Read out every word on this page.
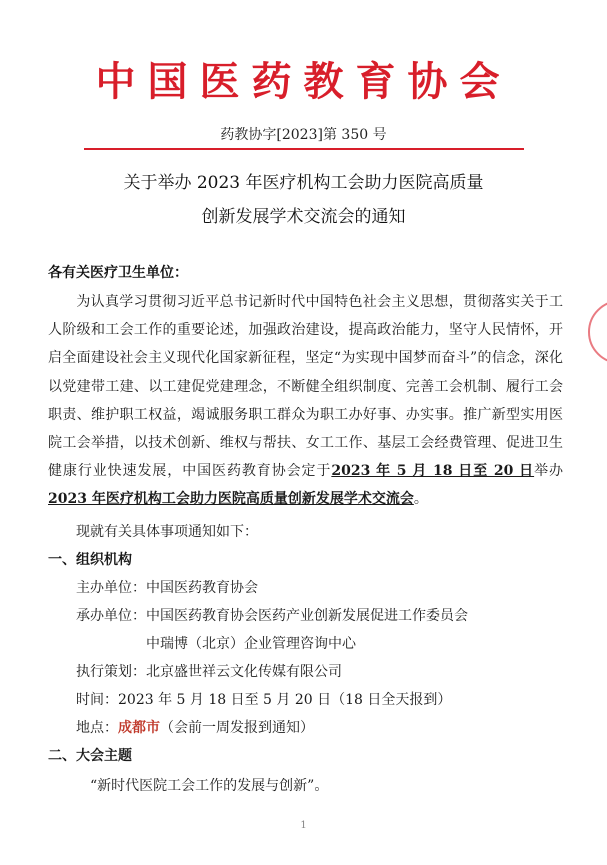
中国医药教育协会
药教协字[2023]第 350 号
关于举办 2023 年医疗机构工会助力医院高质量
创新发展学术交流会的通知
各有关医疗卫生单位：
为认真学习贯彻习近平总书记新时代中国特色社会主义思想，贯彻落实关于工人阶级和工会工作的重要论述，加强政治建设，提高政治能力，坚守人民情怀，开启全面建设社会主义现代化国家新征程，坚定“为实现中国梦而奋斗”的信念，深化以党建带工建、以工建促党建理念，不断健全组织制度、完善工会机制、履行工会职责、维护职工权益，竭诚服务职工群众为职工办好事、办实事。推广新型实用医院工会举措，以技术创新、维权与帮扶、女工工作、基层工会经费管理、促进卫生健康行业快速发展，中国医药教育协会定于2023 年 5 月 18 日至 20 日举办2023 年医疗机构工会助力医院高质量创新发展学术交流会。
现就有关具体事项通知如下：
一、组织机构
主办单位：中国医药教育协会
承办单位：中国医药教育协会医药产业创新发展促进工作委员会
中瑞博（北京）企业管理咨询中心
执行策划：北京盛世祥云文化传媒有限公司
时间：2023 年 5 月 18 日至 5 月 20 日（18 日全天报到）
地点：成都市（会前一周发报到通知）
二、大会主题
“新时代医院工会工作的发展与创新”。
1
